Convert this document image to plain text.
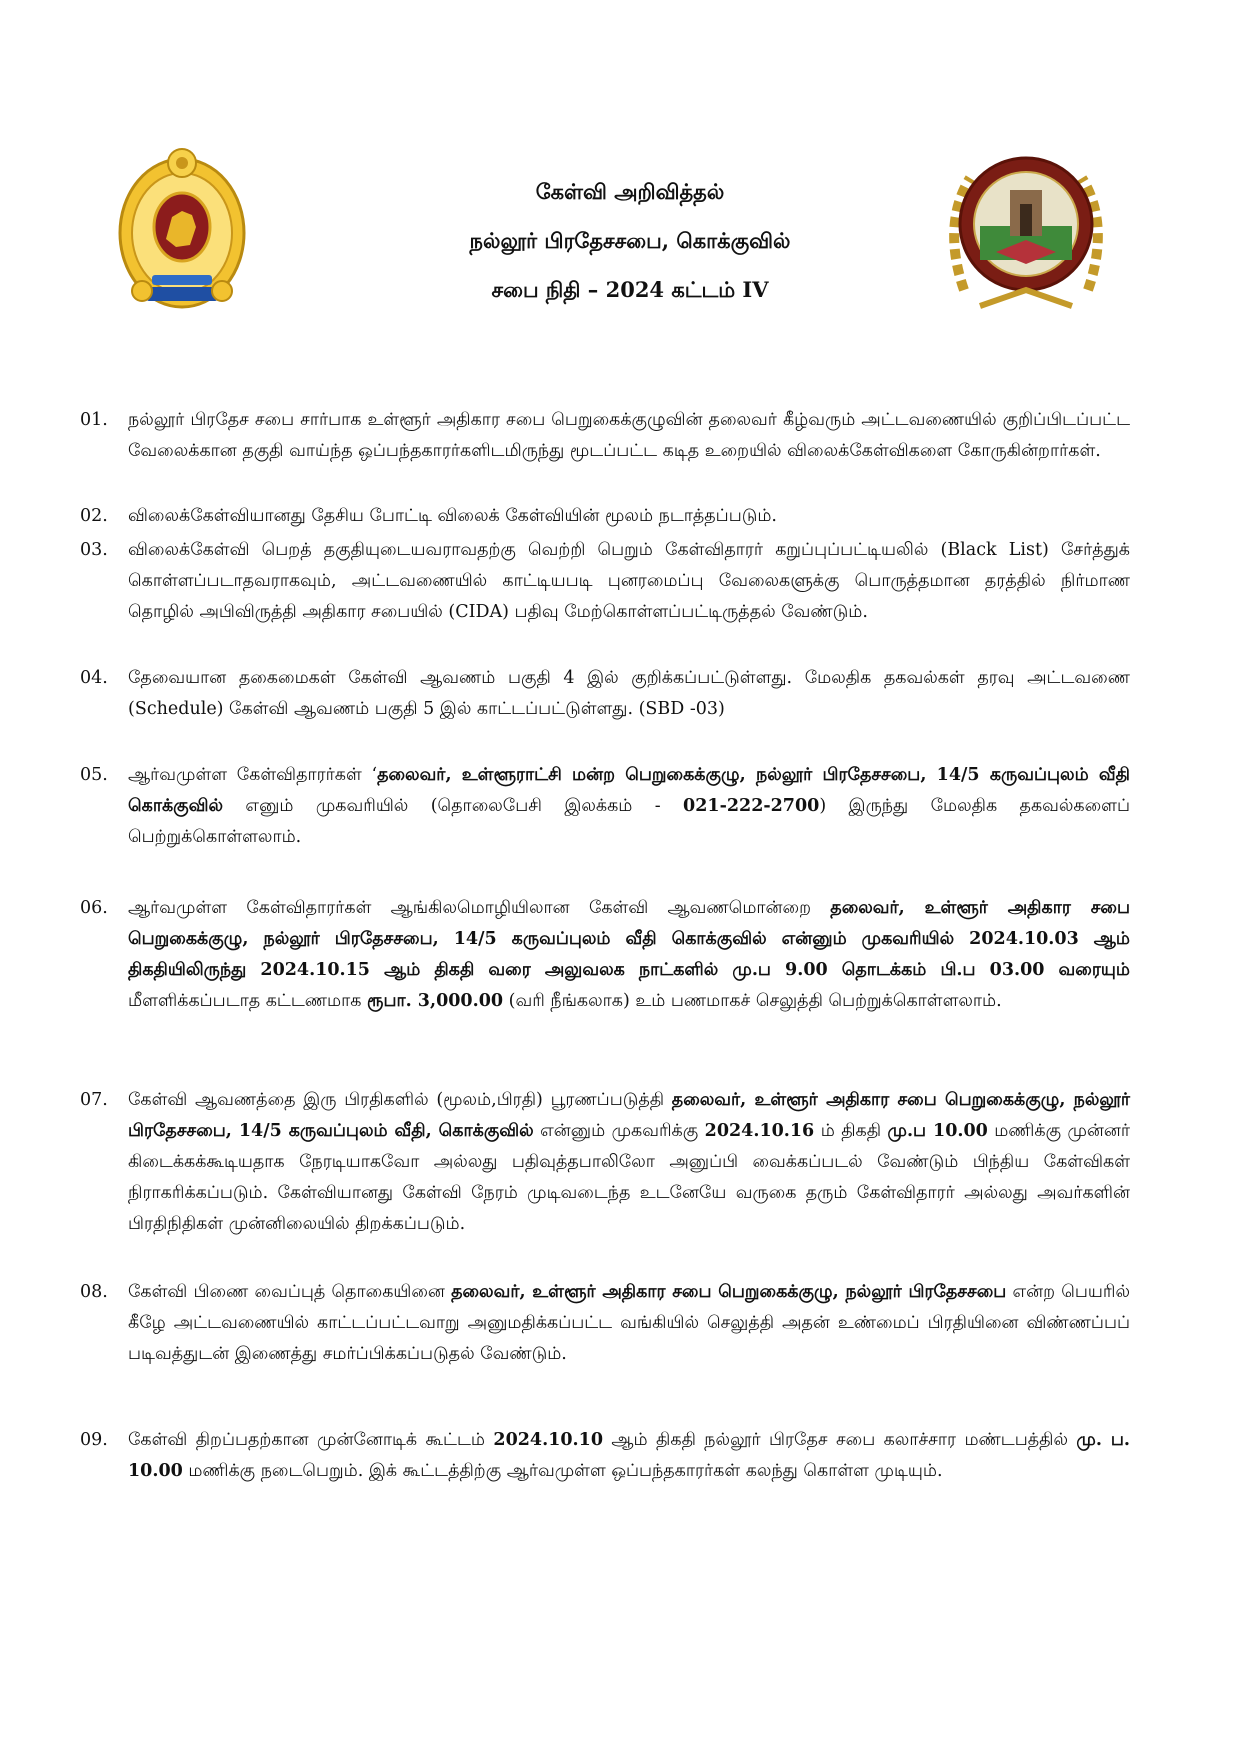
கேள்வி அறிவித்தல்

நல்லூர் பிரதேசசபை, கொக்குவில்

சபை நிதி – 2024 கட்டம் IV

01.	நல்லூர் பிரதேச சபை சார்பாக உள்ளூர் அதிகார சபை பெறுகைக்குழுவின் தலைவர் கீழ்வரும் அட்டவணையில் குறிப்பிடப்பட்ட வேலைக்கான தகுதி வாய்ந்த ஒப்பந்தகாரர்களிடமிருந்து மூடப்பட்ட கடித உறையில் விலைக்கேள்விகளை கோருகின்றார்கள்.
02.	விலைக்கேள்வியானது தேசிய போட்டி விலைக் கேள்வியின் மூலம் நடாத்தப்படும்.
03.	விலைக்கேள்வி பெறத் தகுதியுடையவராவதற்கு வெற்றி பெறும் கேள்விதாரர் கறுப்புப்பட்டியலில் (Black List) சேர்த்துக் கொள்ளப்படாதவராகவும், அட்டவணையில் காட்டியபடி புனரமைப்பு வேலைகளுக்கு பொருத்தமான தரத்தில் நிர்மாண தொழில் அபிவிருத்தி அதிகார சபையில் (CIDA) பதிவு மேற்கொள்ளப்பட்டிருத்தல் வேண்டும்.
04.	தேவையான தகைமைகள் கேள்வி ஆவணம் பகுதி 4 இல் குறிக்கப்பட்டுள்ளது. மேலதிக தகவல்கள் தரவு அட்டவணை (Schedule) கேள்வி ஆவணம் பகுதி 5 இல் காட்டப்பட்டுள்ளது. (SBD -03)
05.	ஆர்வமுள்ள கேள்விதாரர்கள் ‘தலைவர், உள்ளூராட்சி மன்ற பெறுகைக்குழு, நல்லூர் பிரதேசசபை, 14/5 கருவப்புலம் வீதி கொக்குவில் எனும் முகவரியில் (தொலைபேசி இலக்கம் - 021-222-2700) இருந்து மேலதிக தகவல்களைப் பெற்றுக்கொள்ளலாம்.
06.	ஆர்வமுள்ள கேள்விதாரர்கள் ஆங்கிலமொழியிலான கேள்வி ஆவணமொன்றை தலைவர், உள்ளூர் அதிகார சபை பெறுகைக்குழு, நல்லூர் பிரதேசசபை, 14/5 கருவப்புலம் வீதி கொக்குவில் என்னும் முகவரியில் 2024.10.03 ஆம் திகதியிலிருந்து 2024.10.15 ஆம் திகதி வரை அலுவலக நாட்களில் மு.ப 9.00 தொடக்கம் பி.ப 03.00 வரையும் மீளளிக்கப்படாத கட்டணமாக ரூபா. 3,000.00 (வரி நீங்கலாக) உம் பணமாகச் செலுத்தி பெற்றுக்கொள்ளலாம்.
07.	கேள்வி ஆவணத்தை இரு பிரதிகளில் (மூலம்,பிரதி) பூரணப்படுத்தி தலைவர், உள்ளூர் அதிகார சபை பெறுகைக்குழு, நல்லூர் பிரதேசசபை, 14/5 கருவப்புலம் வீதி, கொக்குவில் என்னும் முகவரிக்கு 2024.10.16 ம் திகதி மு.ப 10.00 மணிக்கு முன்னர் கிடைக்கக்கூடியதாக நேரடியாகவோ அல்லது பதிவுத்தபாலிலோ அனுப்பி வைக்கப்படல் வேண்டும் பிந்திய கேள்விகள் நிராகரிக்கப்படும். கேள்வியானது கேள்வி நேரம் முடிவடைந்த உடனேயே வருகை தரும் கேள்விதாரர் அல்லது அவர்களின் பிரதிநிதிகள் முன்னிலையில் திறக்கப்படும்.
08.	கேள்வி பிணை வைப்புத் தொகையினை தலைவர், உள்ளூர் அதிகார சபை பெறுகைக்குழு, நல்லூர் பிரதேசசபை என்ற பெயரில் கீழே அட்டவணையில் காட்டப்பட்டவாறு அனுமதிக்கப்பட்ட வங்கியில் செலுத்தி அதன் உண்மைப் பிரதியினை விண்ணப்பப் படிவத்துடன் இணைத்து சமர்ப்பிக்கப்படுதல் வேண்டும்.
09.	கேள்வி திறப்பதற்கான முன்னோடிக் கூட்டம் 2024.10.10 ஆம் திகதி நல்லூர் பிரதேச சபை கலாச்சார மண்டபத்தில் மு. ப. 10.00 மணிக்கு நடைபெறும். இக் கூட்டத்திற்கு ஆர்வமுள்ள ஒப்பந்தகாரர்கள் கலந்து கொள்ள முடியும்.
